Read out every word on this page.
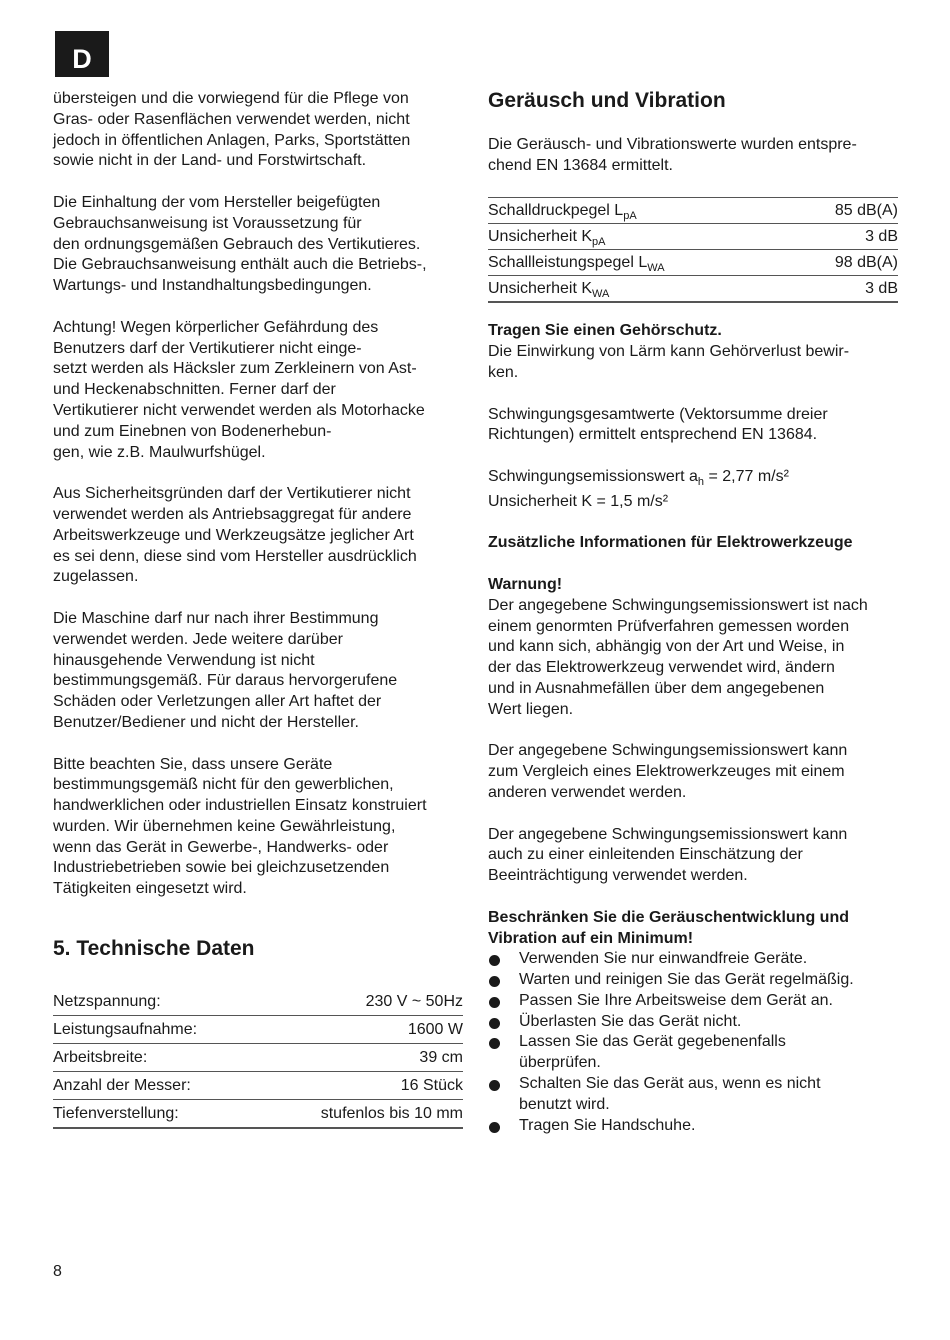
D

übersteigen und die vorwiegend für die Pflege von
Gras- oder Rasenflächen verwendet werden, nicht
jedoch in öffentlichen Anlagen, Parks, Sportstätten
sowie nicht in der Land- und Forstwirtschaft.

Die Einhaltung der vom Hersteller beigefügten
Gebrauchsanweisung ist Voraussetzung für
den ordnungsgemäßen Gebrauch des Vertikutieres.
Die Gebrauchsanweisung enthält auch die Betriebs-,
Wartungs- und Instandhaltungsbedingungen.

Achtung! Wegen körperlicher Gefährdung des
Benutzers darf der Vertikutierer nicht einge-
setzt werden als Häcksler zum Zerkleinern von Ast-
und Heckenabschnitten. Ferner darf der
Vertikutierer nicht verwendet werden als Motorhacke
und zum Einebnen von Bodenerhebun-
gen, wie z.B. Maulwurfshügel.

Aus Sicherheitsgründen darf der Vertikutierer nicht
verwendet werden als Antriebsaggregat für andere
Arbeitswerkzeuge und Werkzeugsätze jeglicher Art
es sei denn, diese sind vom Hersteller ausdrücklich
zugelassen.

Die Maschine darf nur nach ihrer Bestimmung
verwendet werden. Jede weitere darüber
hinausgehende Verwendung ist nicht
bestimmungsgemäß. Für daraus hervorgerufene
Schäden oder Verletzungen aller Art haftet der
Benutzer/Bediener und nicht der Hersteller.

Bitte beachten Sie, dass unsere Geräte
bestimmungsgemäß nicht für den gewerblichen,
handwerklichen oder industriellen Einsatz konstruiert
wurden. Wir übernehmen keine Gewährleistung,
wenn das Gerät in Gewerbe-, Handwerks- oder
Industriebetrieben sowie bei gleichzusetzenden
Tätigkeiten eingesetzt wird.

5. Technische Daten
Netzspannung:	230 V ~ 50Hz
Leistungsaufnahme:	1600 W
Arbeitsbreite:	39 cm
Anzahl der Messer:	16 Stück
Tiefenverstellung:	stufenlos bis 10 mm
Geräusch und Vibration

Die Geräusch- und Vibrationswerte wurden entspre-
chend EN 13684 ermittelt.

Schalldruckpegel $L_{pA}$	85 dB(A)
Unsicherheit $K_{pA}$	3 dB
Schallleistungspegel $L_{WA}$	98 dB(A)
Unsicherheit $K_{WA}$	3 dB

Tragen Sie einen Gehörschutz.

Die Einwirkung von Lärm kann Gehörverlust bewir-
ken.

Schwingungsgesamtwerte (Vektorsumme dreier
Richtungen) ermittelt entsprechend EN 13684.

Schwingungsemissionswert $a_h = 2,77$ m/s²

Unsicherheit K = 1,5 m/s²

Zusätzliche Informationen für Elektrowerkzeuge

Warnung!

Der angegebene Schwingungsemissionswert ist nach
einem genormten Prüfverfahren gemessen worden
und kann sich, abhängig von der Art und Weise, in
der das Elektrowerkzeug verwendet wird, ändern
und in Ausnahmefällen über dem angegebenen
Wert liegen.

Der angegebene Schwingungsemissionswert kann
zum Vergleich eines Elektrowerkzeuges mit einem
anderen verwendet werden.

Der angegebene Schwingungsemissionswert kann
auch zu einer einleitenden Einschätzung der
Beeinträchtigung verwendet werden.

Beschränken Sie die Geräuschentwicklung und
Vibration auf ein Minimum!

Verwenden Sie nur einwandfreie Geräte.
Warten und reinigen Sie das Gerät regelmäßig.
Passen Sie Ihre Arbeitsweise dem Gerät an.
Überlasten Sie das Gerät nicht.
Lassen Sie das Gerät gegebenenfalls
überprüfen.
Schalten Sie das Gerät aus, wenn es nicht
benutzt wird.
Tragen Sie Handschuhe.
8
